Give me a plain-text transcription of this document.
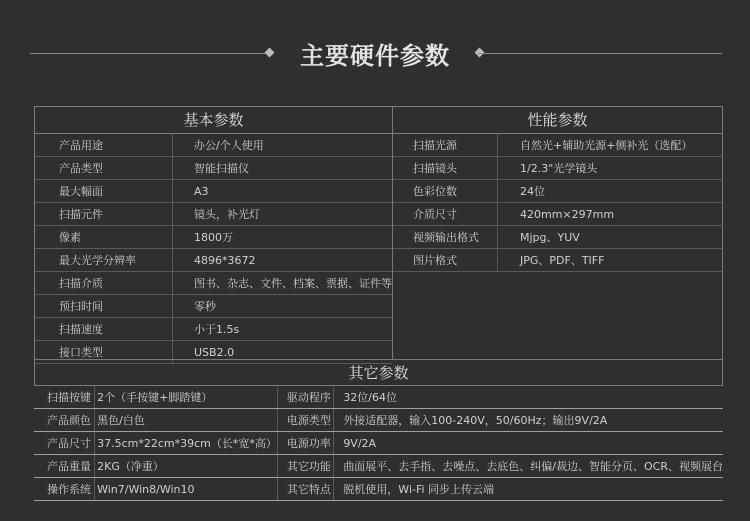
主要硬件参数
基本参数
产品用途	办公/个人使用
产品类型	智能扫描仪
最大幅面	A3
扫描元件	镜头，补光灯
像素	1800万
最大光学分辨率	4896*3672
扫描介质	图书、杂志、文件、档案、票据、证件等
预扫时间	零秒
扫描速度	小于1.5s
接口类型	USB2.0
性能参数
扫描光源	自然光+辅助光源+侧补光（选配）
扫描镜头	1/2.3"光学镜头
色彩位数	24位
介质尺寸	420mm×297mm
视频输出格式	Mjpg、YUV
图片格式	JPG、PDF、TIFF
其它参数
扫描按键	2个（手按键+脚踏键）	驱动程序	32位/64位
产品颜色	黑色/白色	电源类型	外接适配器，输入100-240V，50/60Hz；输出9V/2A
产品尺寸	37.5cm*22cm*39cm（长*宽*高）	电源功率	9V/2A
产品重量	2KG（净重）	其它功能	曲面展平、去手指、去噪点、去底色、纠偏/裁边、智能分页、OCR、视频展台
操作系统	Win7/Win8/Win10	其它特点	脱机使用，Wi-Fi 同步上传云端
